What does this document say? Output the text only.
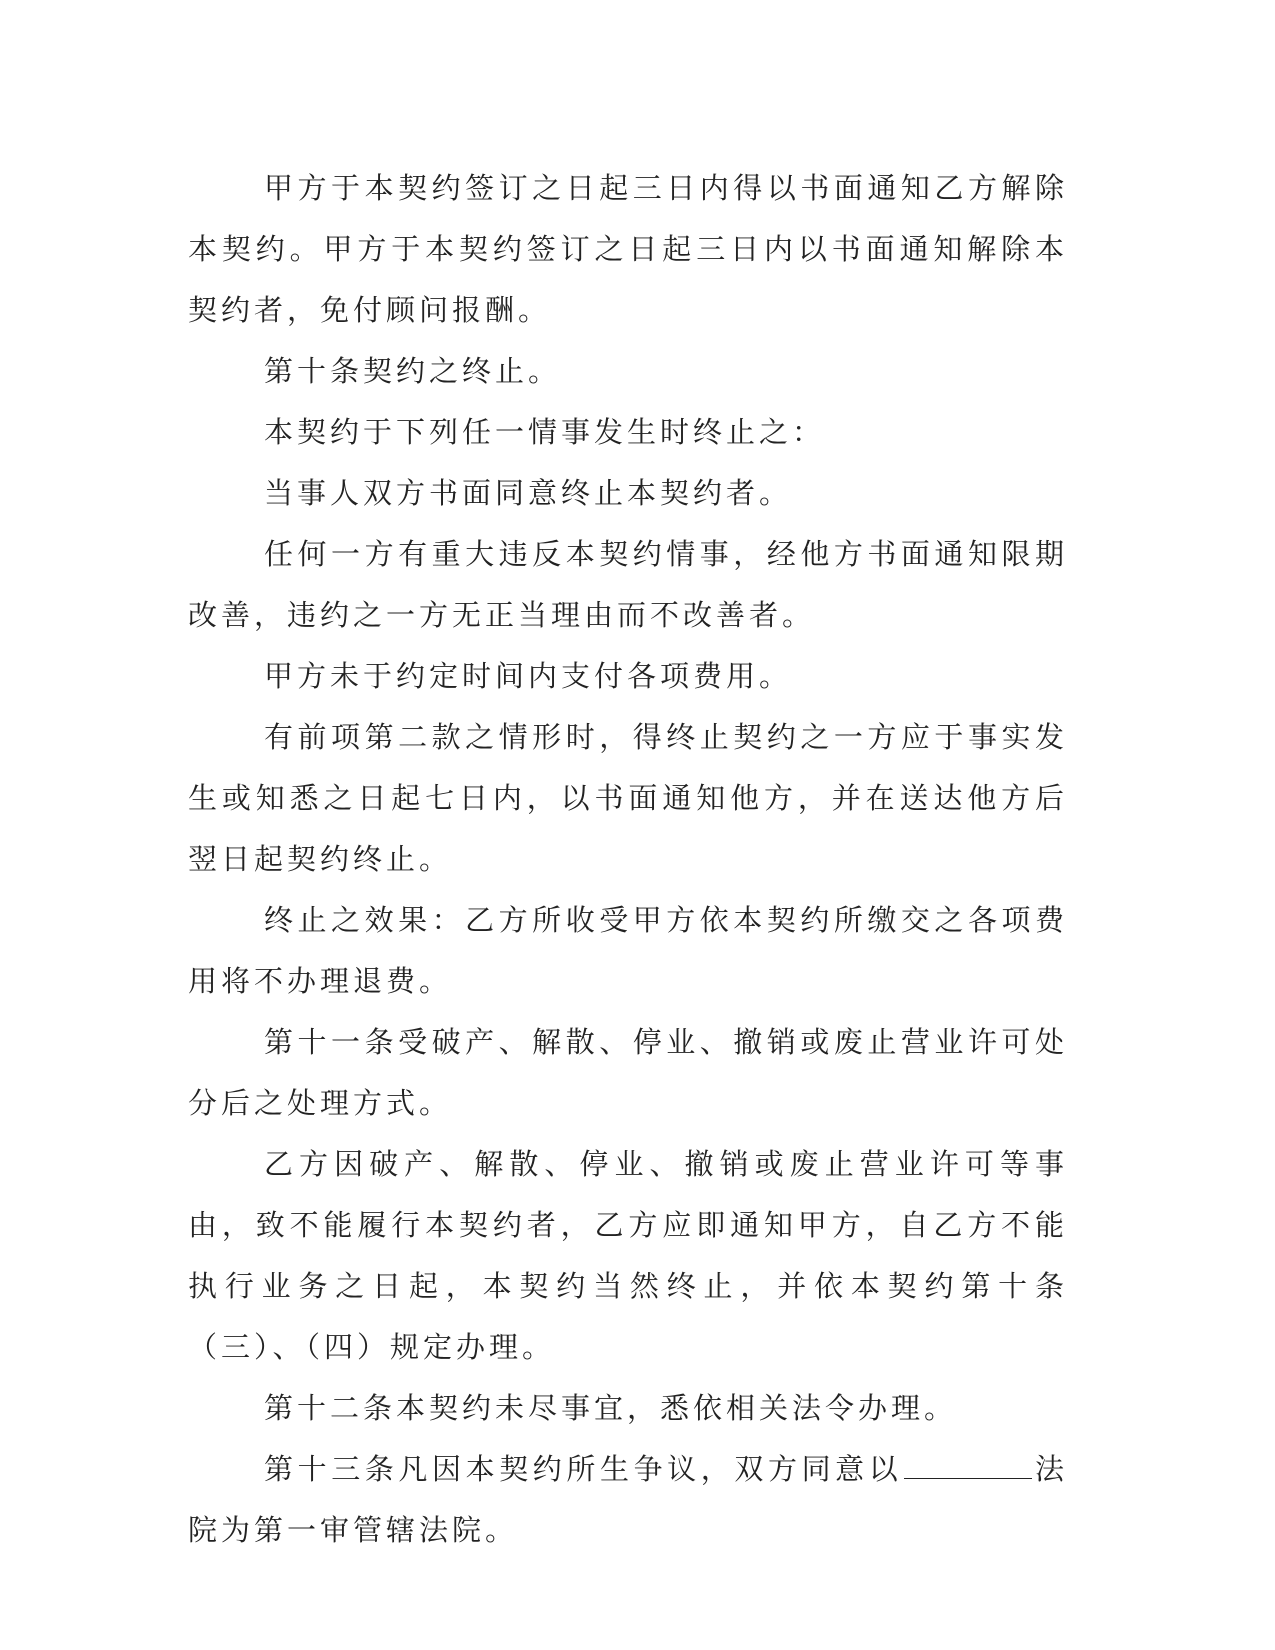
甲方于本契约签订之日起三日内得以书面通知乙方解除本契约。甲方于本契约签订之日起三日内以书面通知解除本契约者，免付顾问报酬。

第十条契约之终止。

本契约于下列任一情事发生时终止之：

当事人双方书面同意终止本契约者。

任何一方有重大违反本契约情事，经他方书面通知限期改善，违约之一方无正当理由而不改善者。

甲方未于约定时间内支付各项费用。

有前项第二款之情形时，得终止契约之一方应于事实发生或知悉之日起七日内，以书面通知他方，并在送达他方后翌日起契约终止。

终止之效果：乙方所收受甲方依本契约所缴交之各项费用将不办理退费。

第十一条受破产、解散、停业、撤销或废止营业许可处分后之处理方式。

乙方因破产、解散、停业、撤销或废止营业许可等事由，致不能履行本契约者，乙方应即通知甲方，自乙方不能执行业务之日起，本契约当然终止，并依本契约第十条（三）、（四）规定办理。

第十二条本契约未尽事宜，悉依相关法令办理。

第十三条凡因本契约所生争议，双方同意以	法院为第一审管辖法院。
